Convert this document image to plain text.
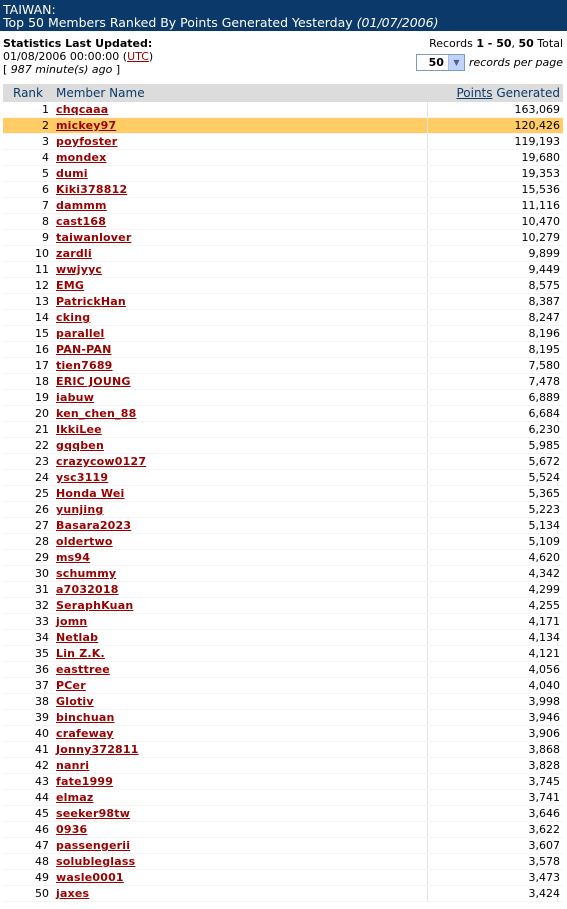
TAIWAN:
Top 50 Members Ranked By Points Generated Yesterday (01/07/2006)
Statistics Last Updated:
01/08/2006 00:00:00 (UTC)
[ 987 minute(s) ago ]
Records 1 - 50, 50 Total
50	▼ records per page
Rank	Member Name	Points Generated
1	chqcaaa	163,069
2	mickey97	120,426
3	poyfoster	119,193
4	mondex	19,680
5	dumi	19,353
6	Kiki378812	15,536
7	dammm	11,116
8	cast168	10,470
9	taiwanlover	10,279
10	zardli	9,899
11	wwjyyc	9,449
12	EMG	8,575
13	PatrickHan	8,387
14	cking	8,247
15	parallel	8,196
16	PAN-PAN	8,195
17	tien7689	7,580
18	ERIC JOUNG	7,478
19	iabuw	6,889
20	ken_chen_88	6,684
21	IkkiLee	6,230
22	gqqben	5,985
23	crazycow0127	5,672
24	ysc3119	5,524
25	Honda Wei	5,365
26	yunjing	5,223
27	Basara2023	5,134
28	oldertwo	5,109
29	ms94	4,620
30	schummy	4,342
31	a7032018	4,299
32	SeraphKuan	4,255
33	jomn	4,171
34	Netlab	4,134
35	Lin Z.K.	4,121
36	easttree	4,056
37	PCer	4,040
38	Glotiv	3,998
39	binchuan	3,946
40	crafeway	3,906
41	Jonny372811	3,868
42	nanri	3,828
43	fate1999	3,745
44	elmaz	3,741
45	seeker98tw	3,646
46	0936	3,622
47	passengerii	3,607
48	solubleglass	3,578
49	wasle0001	3,473
50	jaxes	3,424
